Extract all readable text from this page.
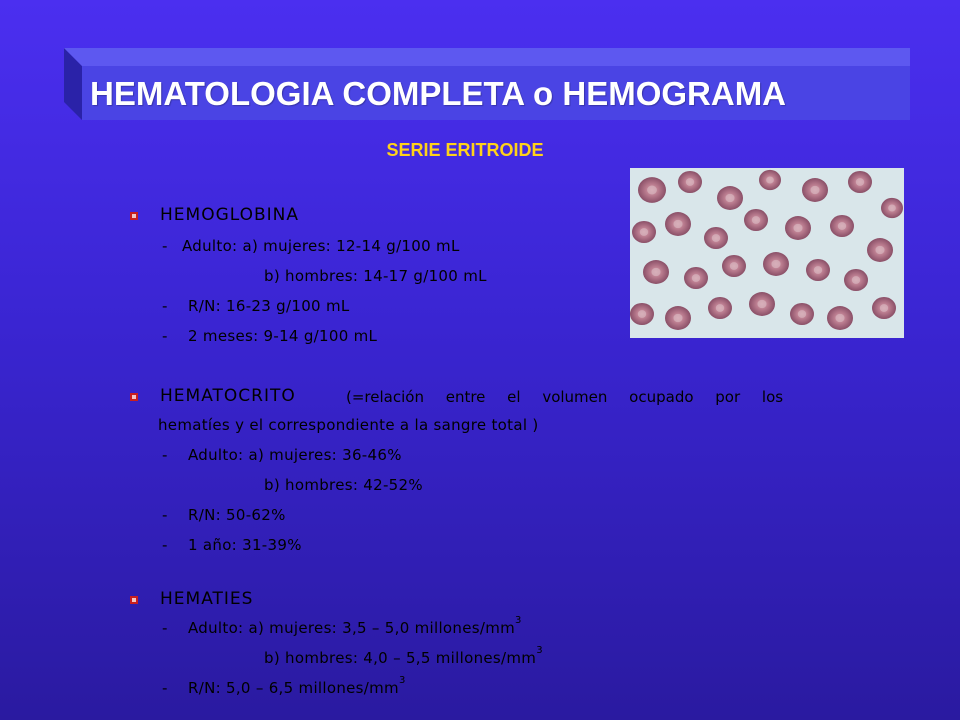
HEMATOLOGIA COMPLETA o HEMOGRAMA
SERIE ERITROIDE
HEMOGLOBINA
- Adulto: a) mujeres: 12-14 g/100 mL
b) hombres: 14-17 g/100 mL
- R/N: 16-23 g/100 mL
- 2 meses: 9-14 g/100 mL
HEMATOCRITO	(=relación entre el volumen ocupado por los
hematíes y el correspondiente a la sangre total )
- Adulto: a) mujeres: 36-46%
b) hombres: 42-52%
- R/N: 50-62%
- 1 año: 31-39%
HEMATIES
- Adulto: a) mujeres: 3,5 – 5,0 millones/$mm^3$
b) hombres: 4,0 – 5,5 millones/$mm^3$
- R/N: 5,0 – 6,5 millones/$mm^3$
